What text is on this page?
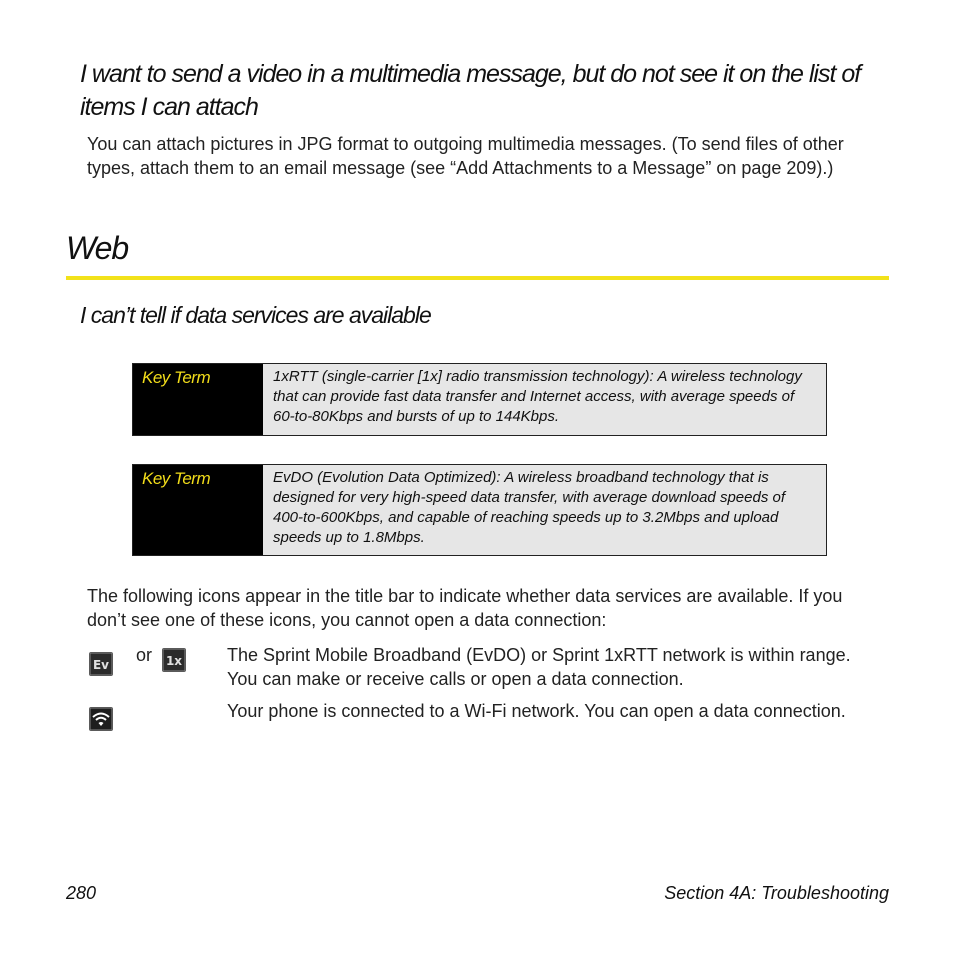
I want to send a video in a multimedia message, but do not see it on the list of items I can attach

You can attach pictures in JPG format to outgoing multimedia messages. (To send files of other types, attach them to an email message (see “Add Attachments to a Message” on page 209).)

Web
I can’t tell if data services are available
Key Term	1xRTT (single-carrier [1x] radio transmission technology): A wireless technology that can provide fast data transfer and Internet access, with average speeds of 60-to-80Kbps and bursts of up to 144Kbps.
Key Term	EvDO (Evolution Data Optimized): A wireless broadband technology that is designed for very high-speed data transfer, with average download speeds of 400-to-600Kbps, and capable of reaching speeds up to 3.2Mbps and upload speeds up to 1.8Mbps.

The following icons appear in the title bar to indicate whether data services are available. If you don’t see one of these icons, you cannot open a data connection:

Ev or 1x The Sprint Mobile Broadband (EvDO) or Sprint 1xRTT network is within range. You can make or receive calls or open a data connection.
Your phone is connected to a Wi-Fi network. You can open a data connection.
280	Section 4A: Troubleshooting
